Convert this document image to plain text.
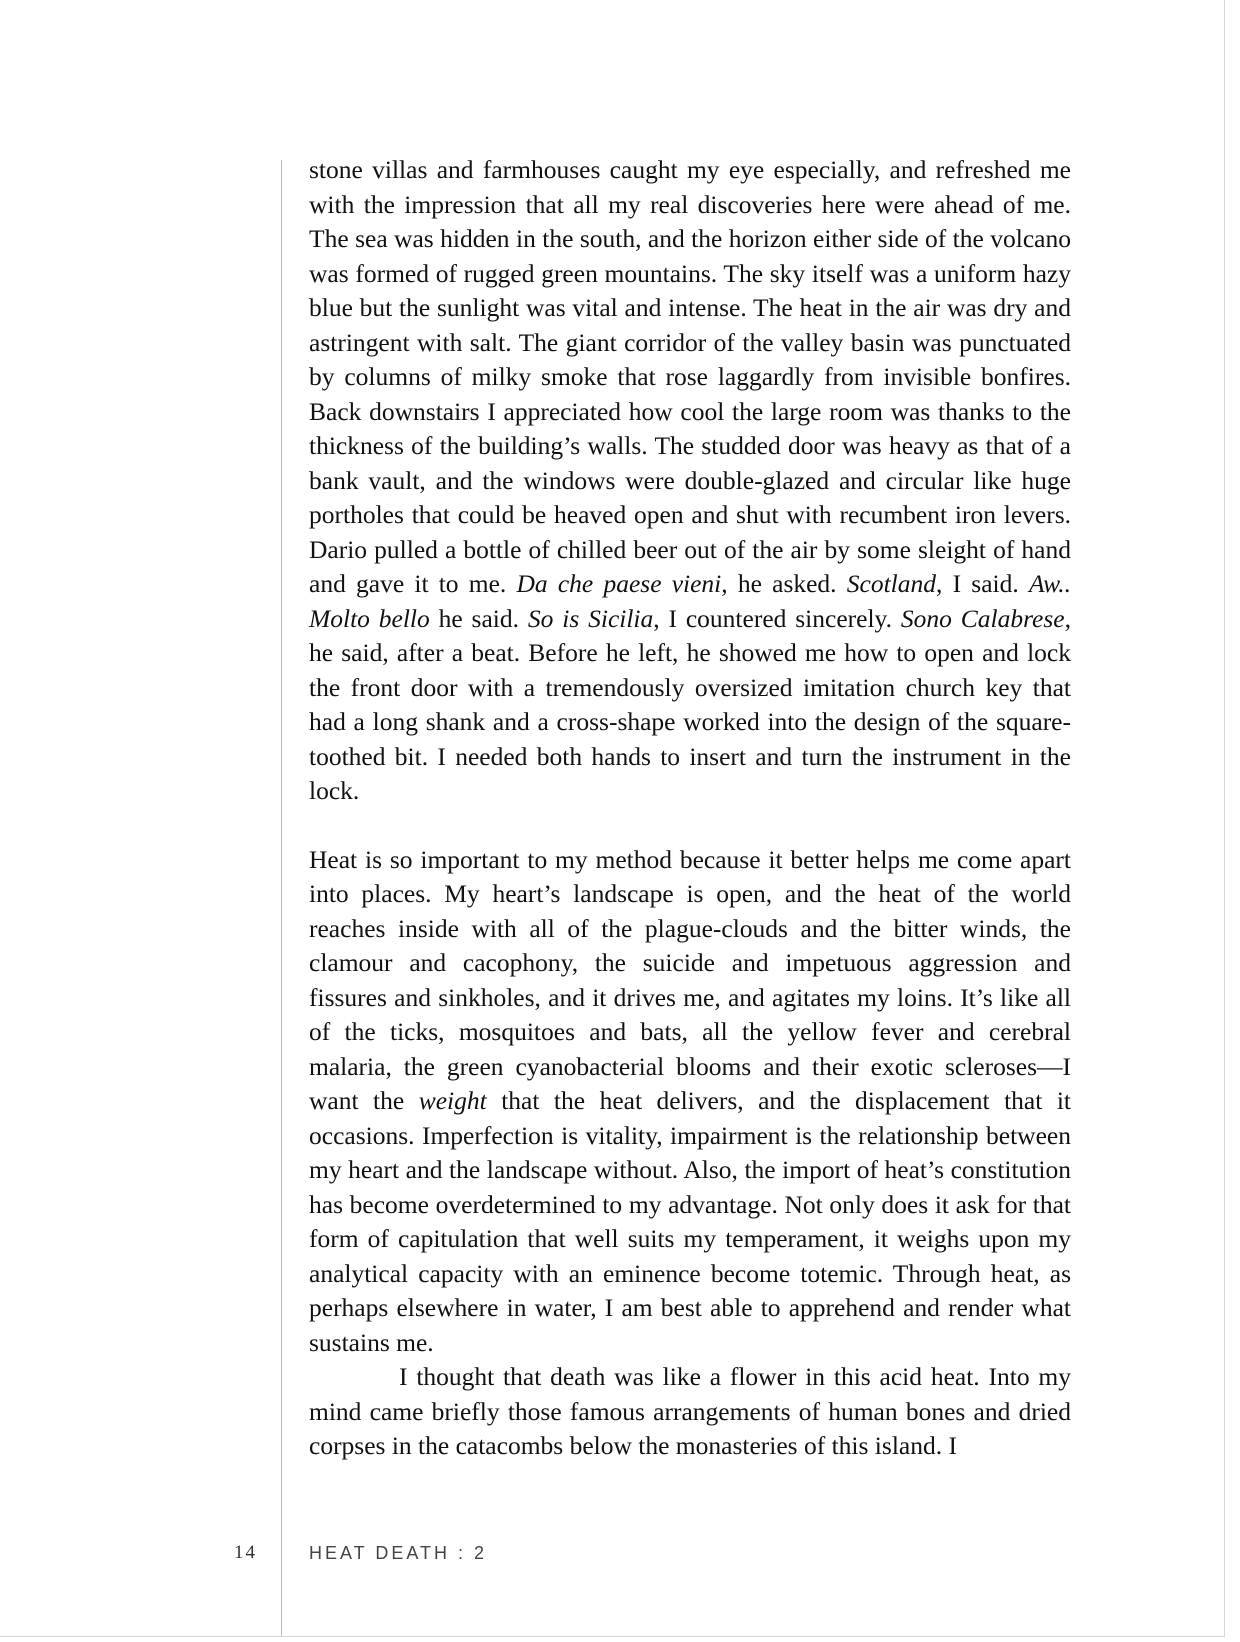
stone villas and farmhouses caught my eye especially, and refreshed me with the impression that all my real discoveries here were ahead of me. The sea was hidden in the south, and the horizon either side of the volcano was formed of rugged green mountains. The sky itself was a uniform hazy blue but the sunlight was vital and intense. The heat in the air was dry and astringent with salt. The giant corridor of the valley basin was punctuated by columns of milky smoke that rose laggardly from invisible bonfires. Back downstairs I appreciated how cool the large room was thanks to the thickness of the building’s walls. The studded door was heavy as that of a bank vault, and the windows were double-glazed and circular like huge portholes that could be heaved open and shut with recumbent iron levers. Dario pulled a bottle of chilled beer out of the air by some sleight of hand and gave it to me. Da che paese vieni, he asked. Scotland, I said. Aw.. Molto bello he said. So is Sicilia, I countered sincerely. Sono Calabrese, he said, after a beat. Before he left, he showed me how to open and lock the front door with a tremendously oversized imitation church key that had a long shank and a cross-shape worked into the design of the square-toothed bit. I needed both hands to insert and turn the instrument in the lock.

Heat is so important to my method because it better helps me come apart into places. My heart’s landscape is open, and the heat of the world reaches inside with all of the plague-clouds and the bitter winds, the clamour and cacophony, the suicide and impetuous aggression and fissures and sinkholes, and it drives me, and agitates my loins. It’s like all of the ticks, mosquitoes and bats, all the yellow fever and cerebral malaria, the green cyanobacterial blooms and their exotic scleroses—I want the weight that the heat delivers, and the displacement that it occasions. Imperfection is vitality, impairment is the relationship between my heart and the landscape without. Also, the import of heat’s constitution has become overdetermined to my advantage. Not only does it ask for that form of capitulation that well suits my temperament, it weighs upon my analytical capacity with an eminence become totemic. Through heat, as perhaps elsewhere in water, I am best able to apprehend and render what sustains me.

I thought that death was like a flower in this acid heat. Into my mind came briefly those famous arrangements of human bones and dried corpses in the catacombs below the monasteries of this island. I

14	HEAT DEATH : 2
